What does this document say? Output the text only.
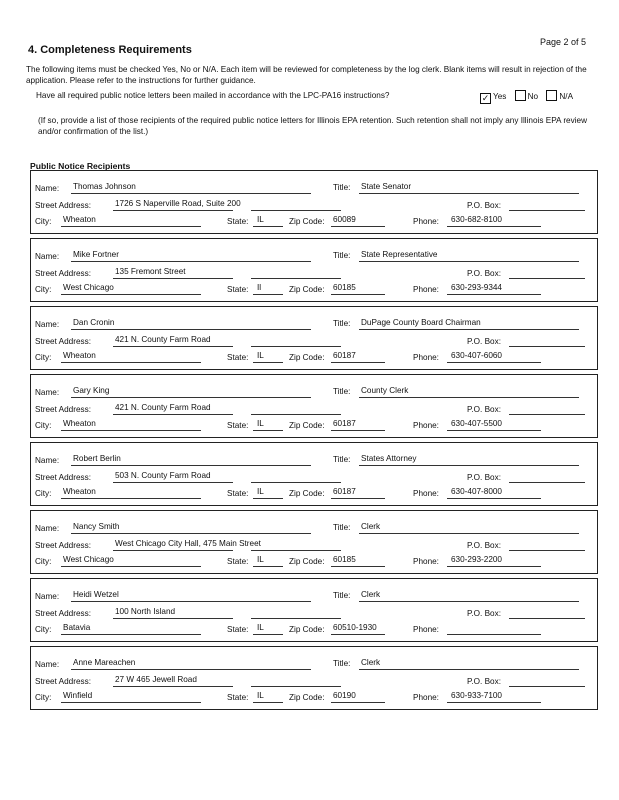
Page 2 of 5
4. Completeness Requirements
The following items must be checked Yes, No or N/A. Each item will be reviewed for completeness by the log clerk. Blank items will result in rejection of the application. Please refer to the instructions for further guidance.
Have all required public notice letters been mailed in accordance with the LPC-PA16 instructions?	✓ Yes	No	N/A
(If so, provide a list of those recipients of the required public notice letters for Illinois EPA retention. Such retention shall not imply any Illinois EPA review and/or confirmation of the list.)
Public Notice Recipients
Name: Thomas Johnson	Title: State Senator
Street Address:	1726 S Naperville Road, Suite 200	P.O. Box:
City: Wheaton	State: IL	Zip Code: 60089	Phone: 630-682-8100
Name: Mike Fortner	Title: State Representative
Street Address:	135 Fremont Street	P.O. Box:
City: West Chicago	State: Il	Zip Code: 60185	Phone: 630-293-9344
Name: Dan Cronin	Title: DuPage County Board Chairman
Street Address:	421 N. County Farm Road	P.O. Box:
City: Wheaton	State: IL	Zip Code: 60187	Phone: 630-407-6060
Name: Gary King	Title: County Clerk
Street Address:	421 N. County Farm Road	P.O. Box:
City: Wheaton	State: IL	Zip Code: 60187	Phone: 630-407-5500
Name: Robert Berlin	Title: States Attorney
Street Address:	503 N. County Farm Road	P.O. Box:
City: Wheaton	State: IL	Zip Code: 60187	Phone: 630-407-8000
Name: Nancy Smith	Title: Clerk
Street Address:	West Chicago City Hall, 475 Main Street	P.O. Box:
City: West Chicago	State: IL	Zip Code: 60185	Phone: 630-293-2200
Name: Heidi Wetzel	Title: Clerk
Street Address:	100 North Island	P.O. Box:
City: Batavia	State: IL	Zip Code: 60510-1930	Phone:
Name: Anne Mareachen	Title: Clerk
Street Address:	27 W 465 Jewell Road	P.O. Box:
City: Winfield	State: IL	Zip Code: 60190	Phone: 630-933-7100
